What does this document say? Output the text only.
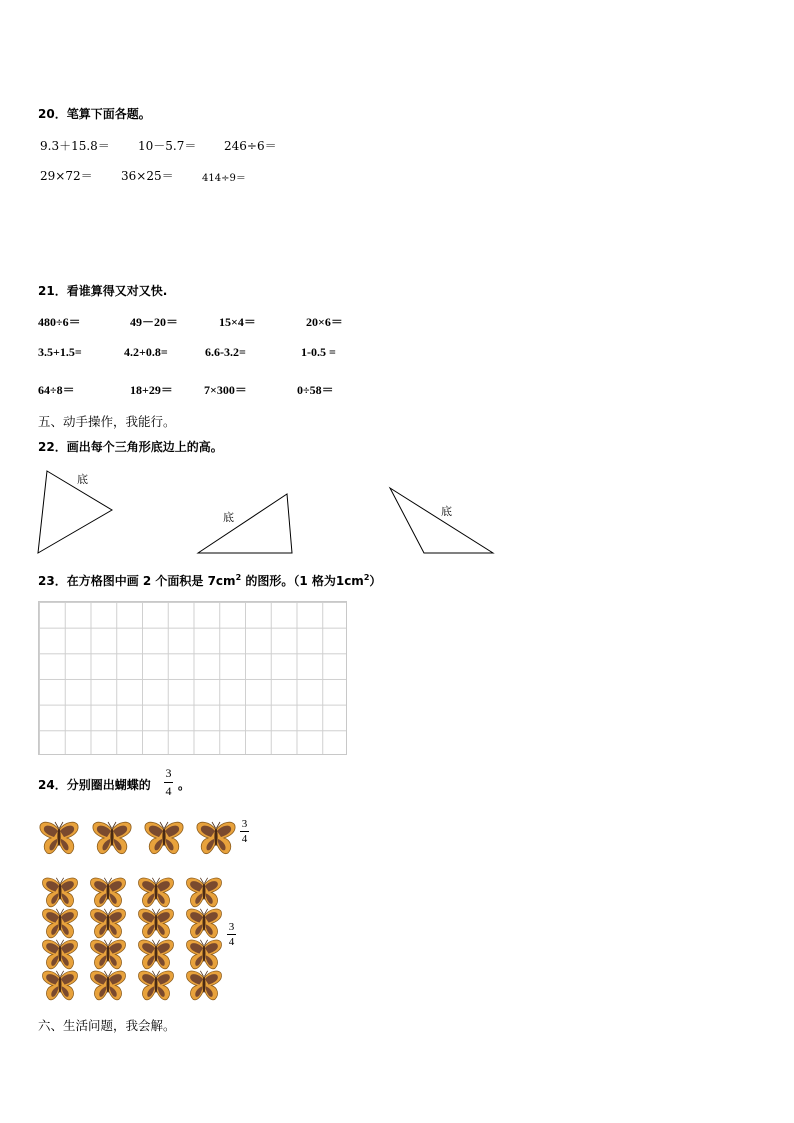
20．笔算下面各题。
9.3＋15.8＝ 10－5.7＝ 246÷6＝
29×72＝ 36×25＝	414÷9＝
21．看谁算得又对又快.
480÷6＝	49－20＝	15×4＝	20×6＝
3.5+1.5=	4.2+0.8=	6.6-3.2=	1-0.5 =
64÷8＝	18+29＝	7×300＝	0÷58＝
五、动手操作，我能行。
22．画出每个三角形底边上的高。
底
底	底
23．在方格图中画 2 个面积是 $7cm^2$ 的图形。（1 格为$1cm^2$）
24．分别圈出蝴蝶的
3
4 。
3
4
3
4
六、生活问题，我会解。
